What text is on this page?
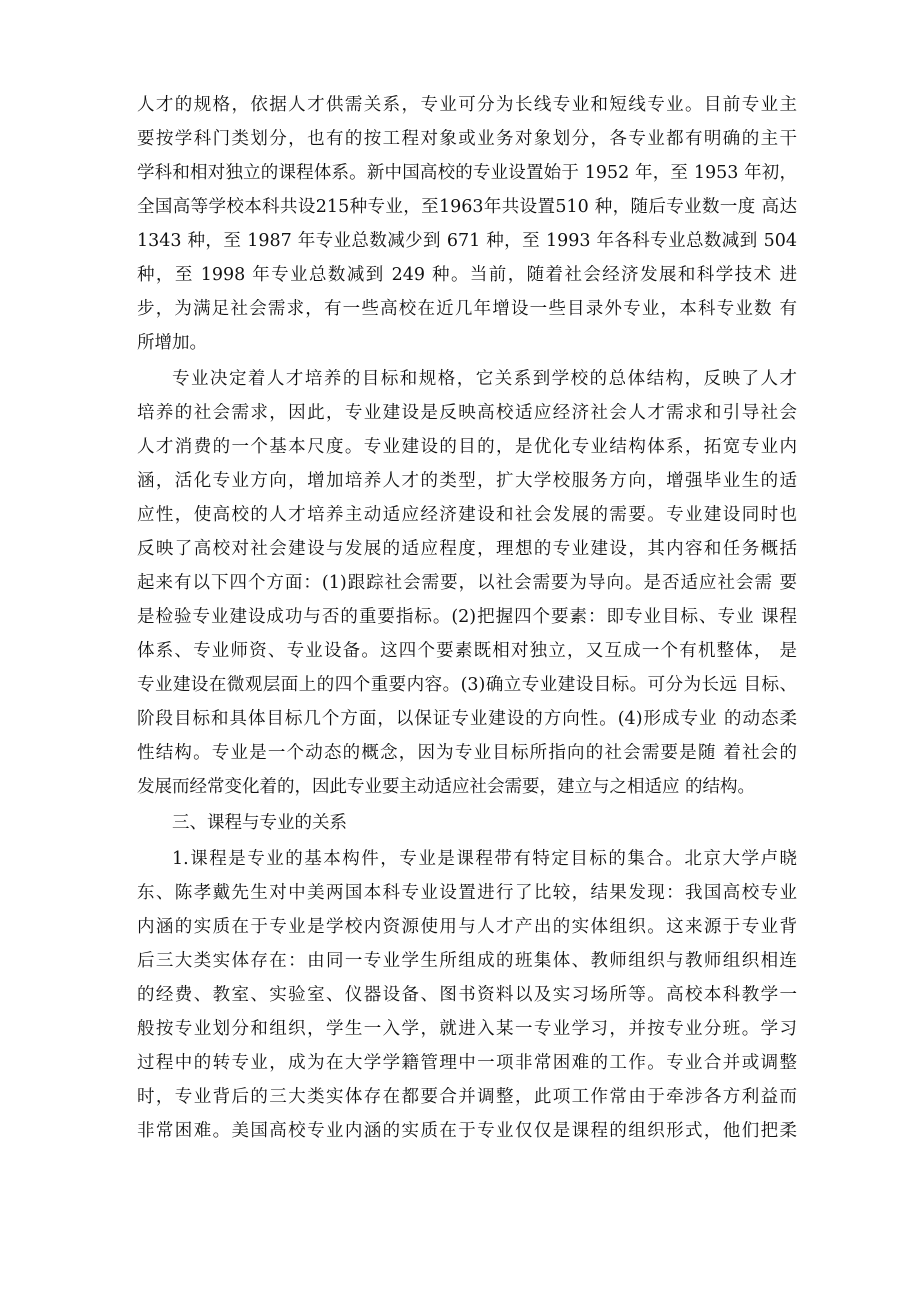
人才的规格，依据人才供需关系，专业可分为长线专业和短线专业。目前专业主
要按学科门类划分，也有的按工程对象或业务对象划分，各专业都有明确的主干
学科和相对独立的课程体系。新中国高校的专业设置始于 1952 年，至 1953 年初，
全国高等学校本科共设215种专业，至1963年共设置510 种，随后专业数一度 高达
1343 种，至 1987 年专业总数减少到 671 种，至 1993 年各科专业总数减到 504
种，至 1998 年专业总数减到 249 种。当前，随着社会经济发展和科学技术 进
步，为满足社会需求，有一些高校在近几年增设一些目录外专业，本科专业数 有
所增加。
专业决定着人才培养的目标和规格，它关系到学校的总体结构，反映了人才
培养的社会需求，因此，专业建设是反映高校适应经济社会人才需求和引导社会
人才消费的一个基本尺度。专业建设的目的，是优化专业结构体系，拓宽专业内
涵，活化专业方向，增加培养人才的类型，扩大学校服务方向，增强毕业生的适
应性，使高校的人才培养主动适应经济建设和社会发展的需要。专业建设同时也
反映了高校对社会建设与发展的适应程度，理想的专业建设，其内容和任务概括
起来有以下四个方面：(1)跟踪社会需要，以社会需要为导向。是否适应社会需 要
是检验专业建设成功与否的重要指标。(2)把握四个要素：即专业目标、专业 课程
体系、专业师资、专业设备。这四个要素既相对独立，又互成一个有机整体， 是
专业建设在微观层面上的四个重要内容。(3)确立专业建设目标。可分为长远 目标、
阶段目标和具体目标几个方面，以保证专业建设的方向性。(4)形成专业 的动态柔
性结构。专业是一个动态的概念，因为专业目标所指向的社会需要是随 着社会的
发展而经常变化着的，因此专业要主动适应社会需要，建立与之相适应 的结构。
三、课程与专业的关系
1.课程是专业的基本构件，专业是课程带有特定目标的集合。北京大学卢晓
东、陈孝戴先生对中美两国本科专业设置进行了比较，结果发现：我国高校专业
内涵的实质在于专业是学校内资源使用与人才产出的实体组织。这来源于专业背
后三大类实体存在：由同一专业学生所组成的班集体、教师组织与教师组织相连
的经费、教室、实验室、仪器设备、图书资料以及实习场所等。高校本科教学一
般按专业划分和组织，学生一入学，就进入某一专业学习，并按专业分班。学习
过程中的转专业，成为在大学学籍管理中一项非常困难的工作。专业合并或调整
时，专业背后的三大类实体存在都要合并调整，此项工作常由于牵涉各方利益而
非常困难。美国高校专业内涵的实质在于专业仅仅是课程的组织形式，他们把柔
